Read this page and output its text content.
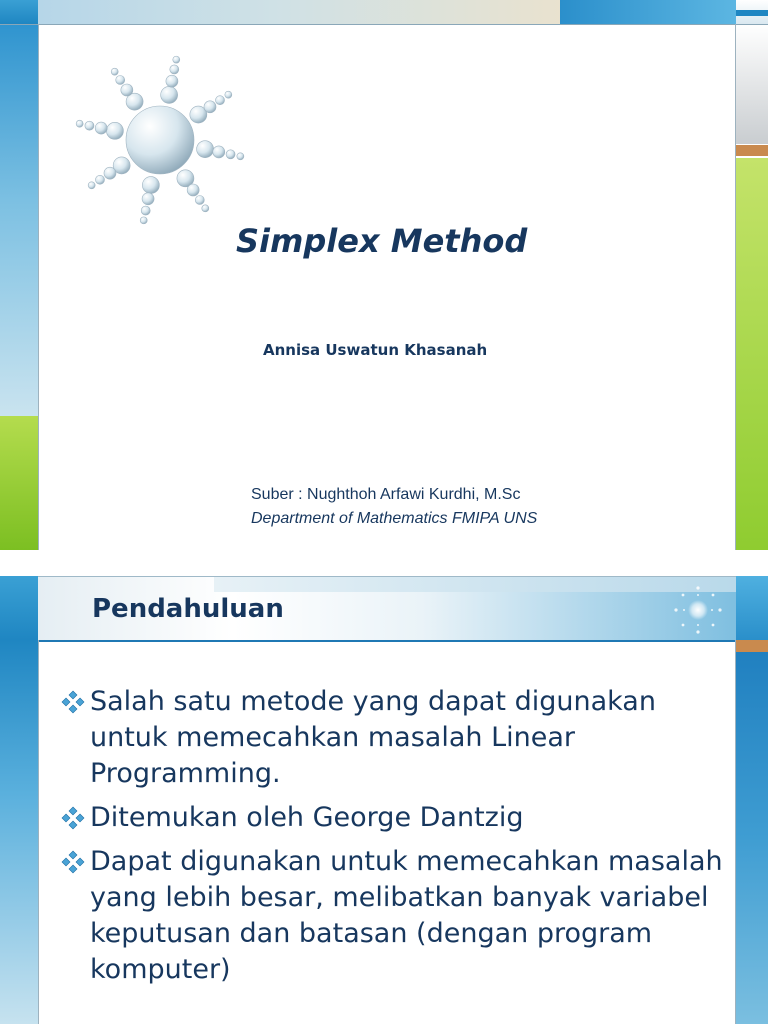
Simplex Method
Annisa Uswatun Khasanah
Suber : Nughthoh Arfawi Kurdhi, M.Sc
Department of Mathematics FMIPA UNS
Pendahuluan
Salah satu metode yang dapat digunakan untuk memecahkan masalah Linear Programming.
Ditemukan oleh George Dantzig
Dapat digunakan untuk memecahkan masalah yang lebih besar, melibatkan banyak variabel keputusan dan batasan (dengan program komputer)
